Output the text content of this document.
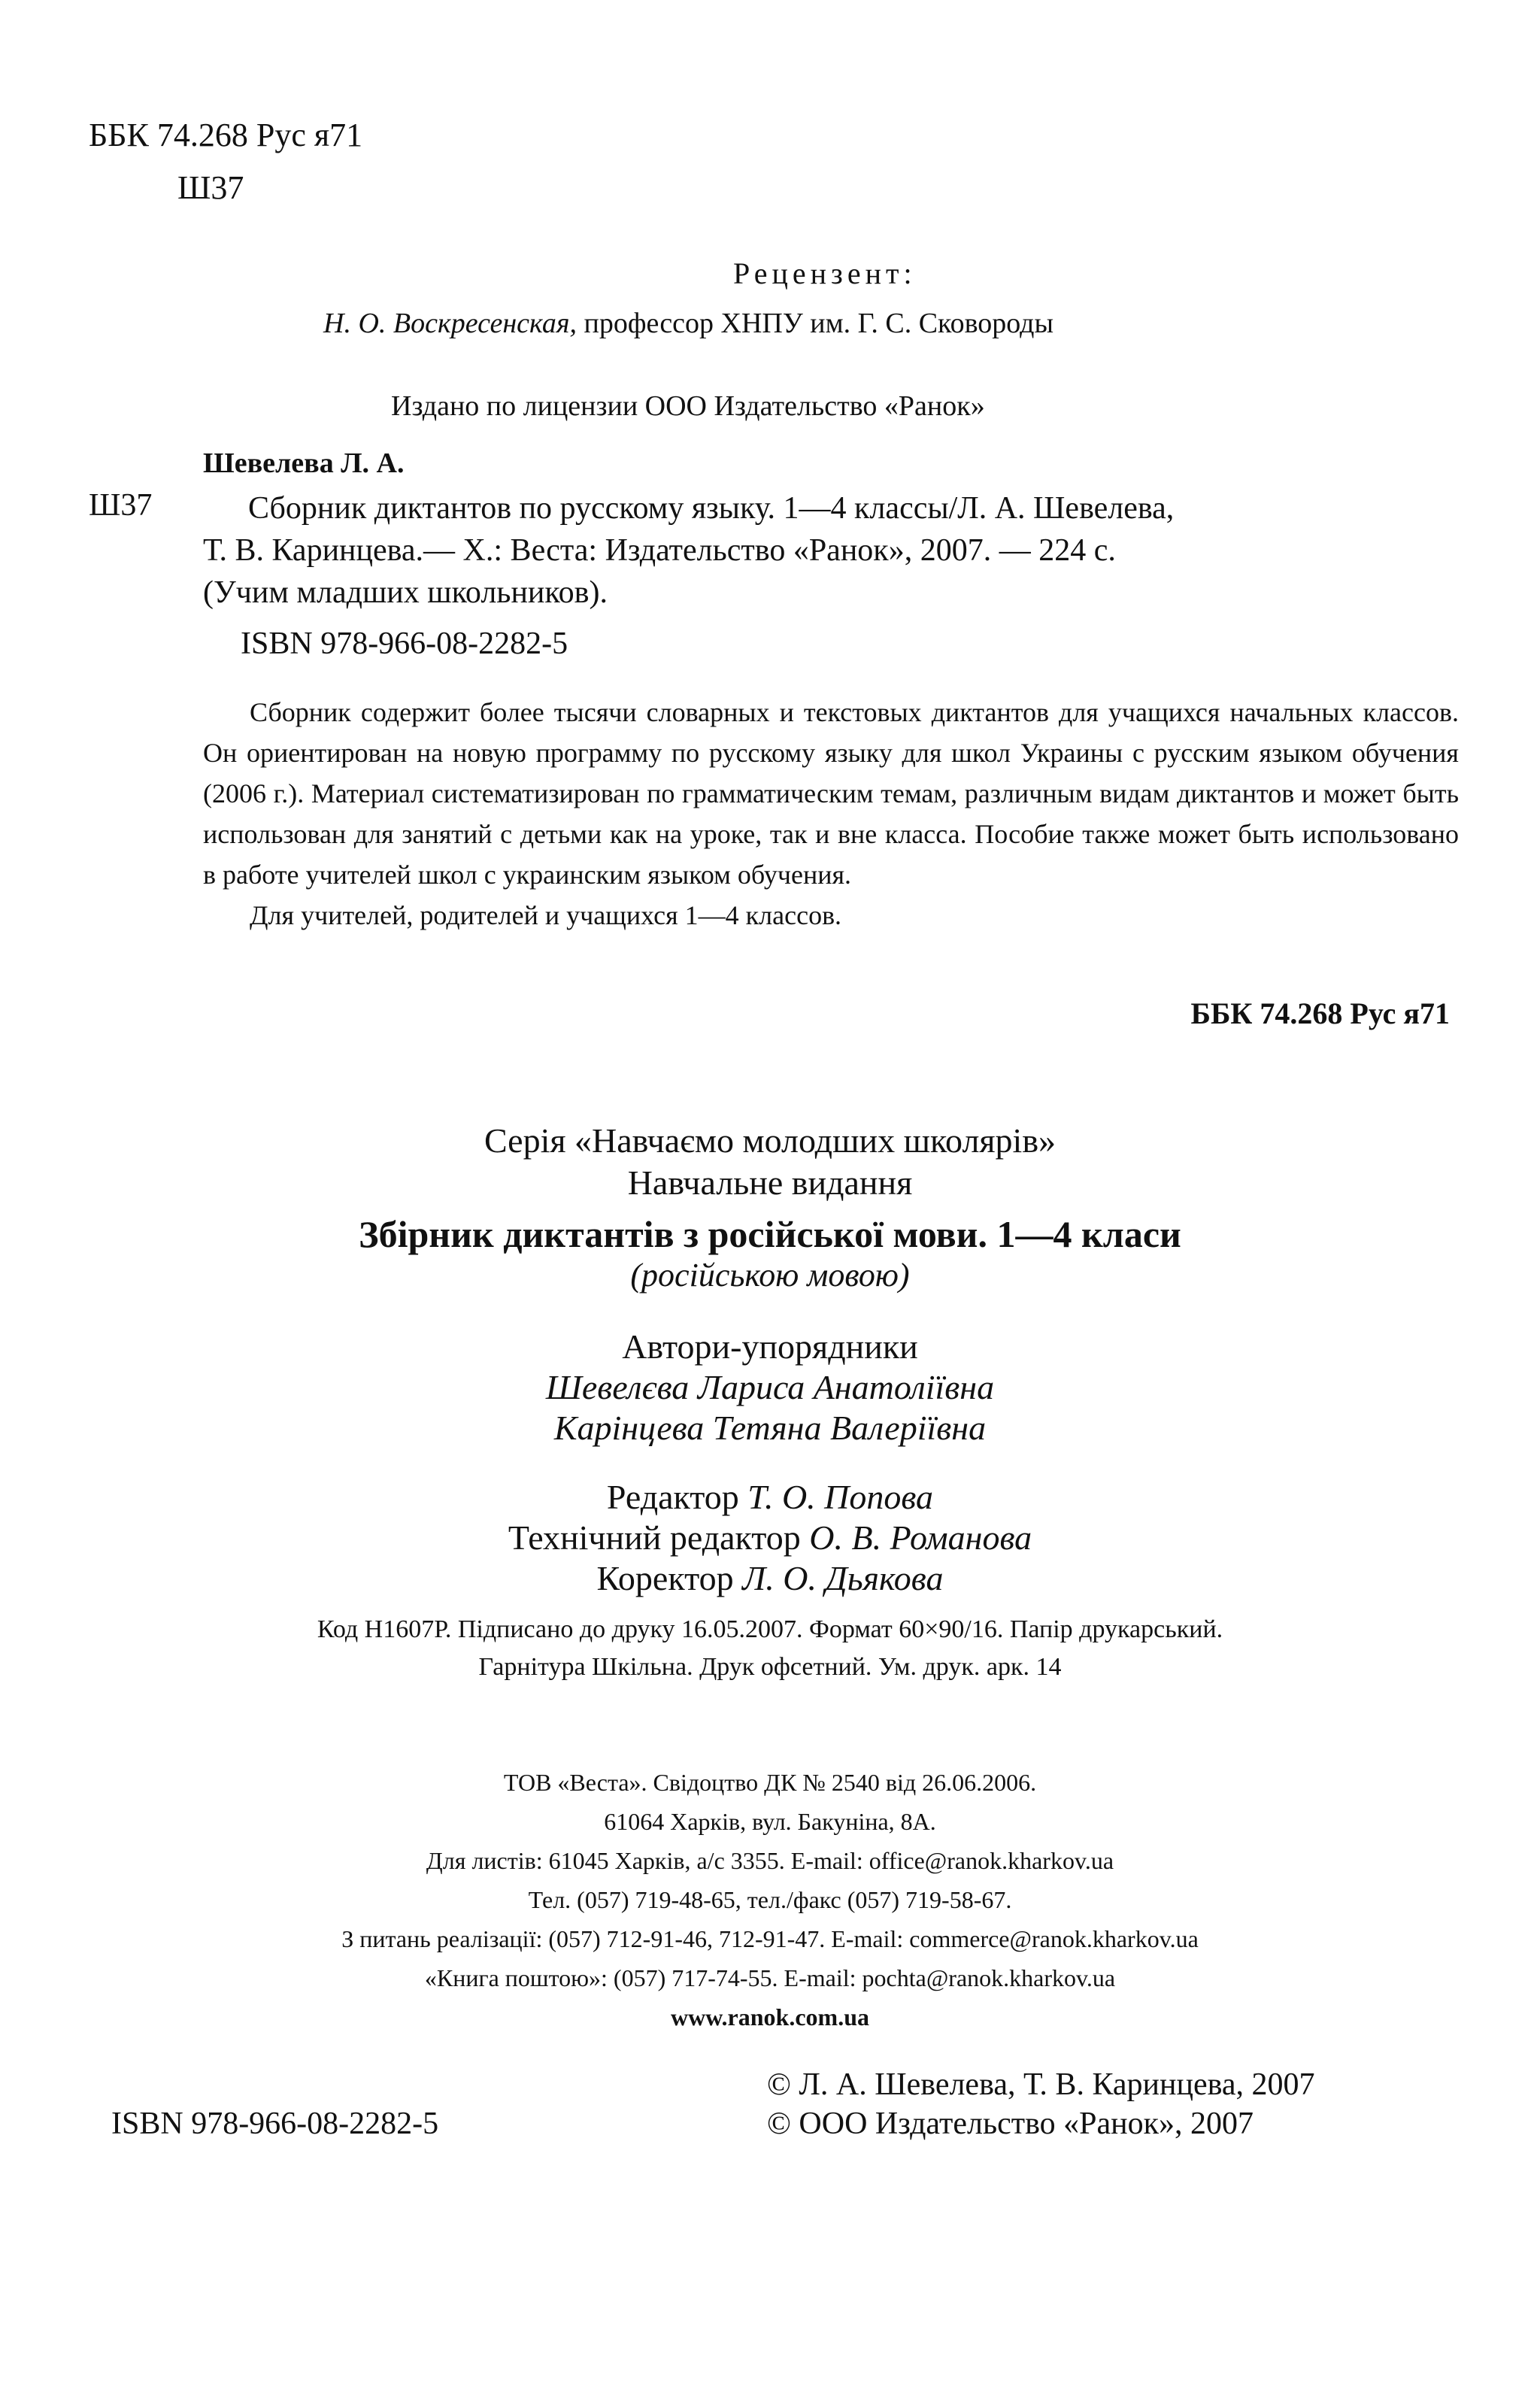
ББК 74.268 Рус я71
Ш37
Рецензент:
Н. О. Воскресенская, профессор ХНПУ им. Г. С. Сковороды
Издано по лицензии ООО Издательство «Ранок»
Шевелева Л. А.
Ш37	Сборник диктантов по русскому языку. 1—4 классы/Л. А. Шевелева,
Т. В. Каринцева.— Х.: Веста: Издательство «Ранок», 2007. — 224 с.
(Учим младших школьников).
ISBN 978-966-08-2282-5

Сборник содержит более тысячи словарных и текстовых диктантов для учащихся начальных классов. Он ориентирован на новую программу по русскому языку для школ Украины с русским языком обучения (2006 г.). Материал систематизирован по грамматическим темам, различным видам диктантов и может быть использован для занятий с детьми как на уроке, так и вне класса. Пособие также может быть использовано в работе учителей школ с украинским языком обучения.

Для учителей, родителей и учащихся 1—4 классов.

ББК 74.268 Рус я71
Серія «Навчаємо молодших школярів»
Навчальне видання
Збірник диктантів з російської мови. 1—4 класи
(російською мовою)
Автори-упорядники
Шевелєва Лариса Анатоліївна
Карінцева Тетяна Валеріївна
Редактор Т. О. Попова
Технічний редактор О. В. Романова
Коректор Л. О. Дьякова
Код Н1607Р. Підписано до друку 16.05.2007. Формат 60×90/16. Папір друкарський.
Гарнітура Шкільна. Друк офсетний. Ум. друк. арк. 14
ТОВ «Веста». Свідоцтво ДК № 2540 від 26.06.2006.
61064 Харків, вул. Бакуніна, 8А.
Для листів: 61045 Харків, а/с 3355. E-mail: office@ranok.kharkov.ua
Тел. (057) 719-48-65, тел./факс (057) 719-58-67.
З питань реалізації: (057) 712-91-46, 712-91-47. E-mail: commerce@ranok.kharkov.ua
«Книга поштою»: (057) 717-74-55. E-mail: pochta@ranok.kharkov.ua
www.ranok.com.ua
ISBN 978-966-08-2282-5
© Л. А. Шевелева, Т. В. Каринцева, 2007
© ООО Издательство «Ранок», 2007
